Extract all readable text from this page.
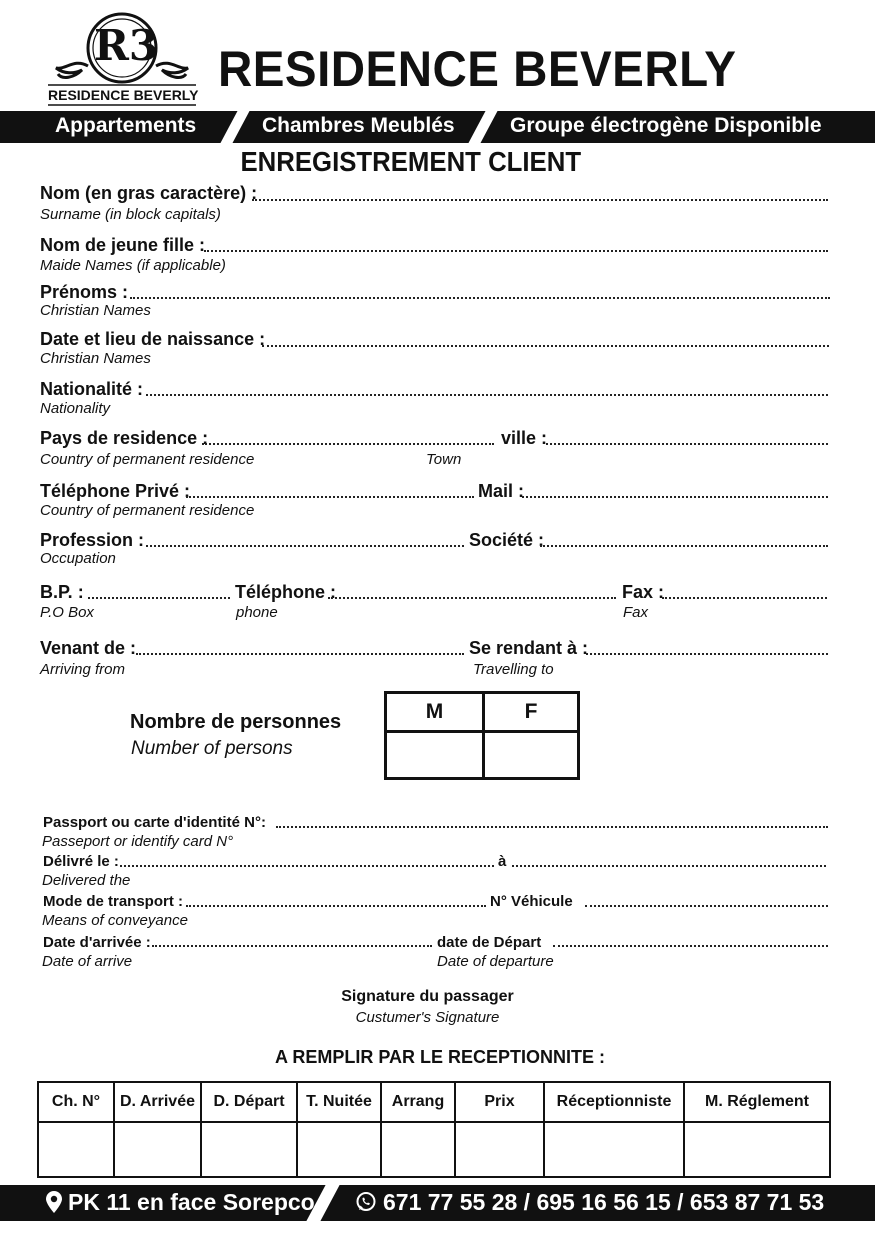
R3
RESIDENCE BEVERLY RESIDENCE BEVERLY
Appartements	Chambres Meublés	Groupe électrogène Disponible
ENREGISTREMENT CLIENT
Nom (en gras caractère) :
Surname (in block capitals)
Nom de jeune fille :
Maide Names (if applicable)
Prénoms :
Christian Names
Date et lieu de naissance :
Christian Names
Nationalité :
Nationality
Pays de residence :	ville :
Country of permanent residence	Town
Téléphone Privé :	Mail :
Country of permanent residence
Profession :	Société :
Occupation
B.P. :	Téléphone :	Fax :
P.O Box	phone	Fax
Venant de :	Se rendant à :
Arriving from	Travelling to
Nombre de personnes
Number of persons
M	F
Passport ou carte d'identité N°:
Passeport or identify card N°
Délivré le :	à
Delivered the
Mode de transport :	N° Véhicule
Means of conveyance
Date d'arrivée :	date de Départ
Date of arrive	Date of departure
Signature du passager
Custumer's Signature
A REMPLIR PAR LE RECEPTIONNITE :
Ch. N°	D. Arrivée	D. Départ	T. Nuitée	Arrang	Prix	Réceptionniste	M. Réglement

PK 11 en face Sorepco	671 77 55 28 / 695 16 56 15 / 653 87 71 53
